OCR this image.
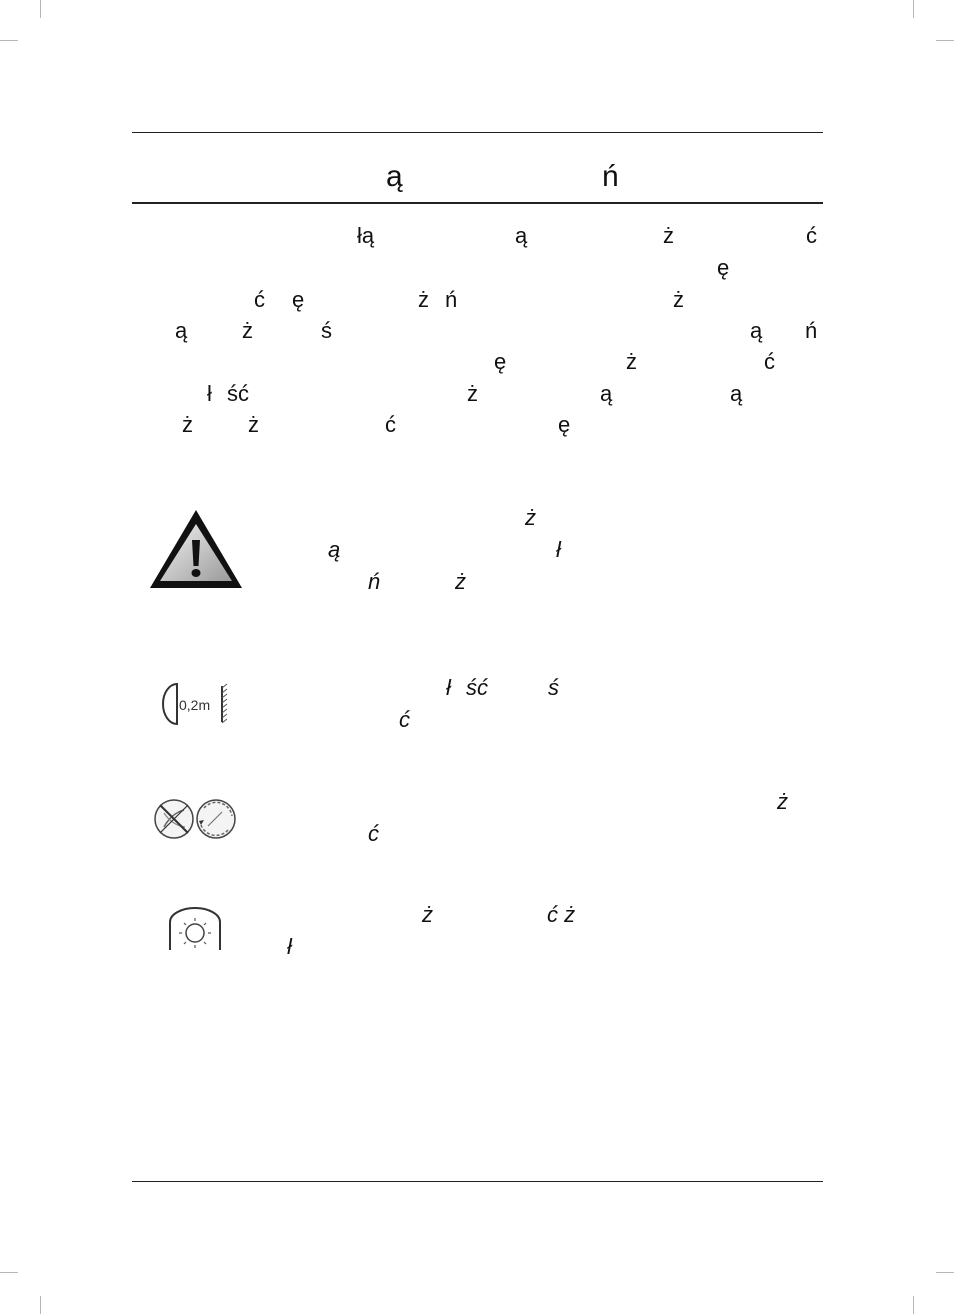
ą	ń
łą	ą	ż	ć
ę
ć ę	ż ń	ż
ą ż	ś	ą ń
ę	ż	ć
ł ść	ż	ą	ą
ż	ż	ć	ę
0,2m
ż
ą	ł
ń	ż
ł ść	ś
ć
ż
ć
ż	ć ż
ł
